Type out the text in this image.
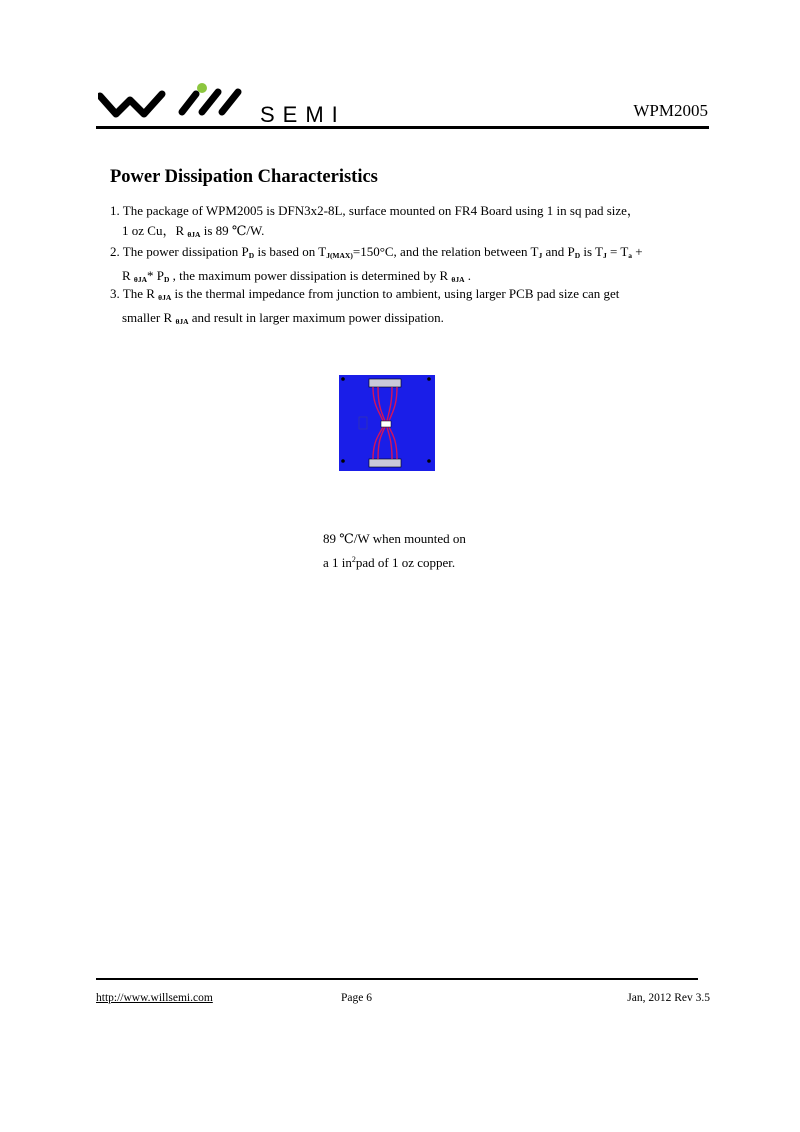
SEMI	WPM2005
Power Dissipation Characteristics
1. The package of WPM2005 is DFN3x2-8L, surface mounted on FR4 Board using 1 in sq pad size，
1 oz Cu，R $_{\theta JA}$ is 89 ℃/W.
2. The power dissipation $P_D$ is based on $T_{J(MAX)}=150^\circ C$, and the relation between $T_J$ and $P_D$ is $T_J = T_a$ +
R $_{\theta JA}$* $P_D$ , the maximum power dissipation is determined by R $_{\theta JA}$ .
3. The R $_{\theta JA}$ is the thermal impedance from junction to ambient, using larger PCB pad size can get
smaller R $_{\theta JA}$ and result in larger maximum power dissipation.
89 ℃/W when mounted on
a 1 $in^2pad$ of 1 oz copper.
http://www.willsemi.com	Page 6	Jan, 2012 Rev 3.5
